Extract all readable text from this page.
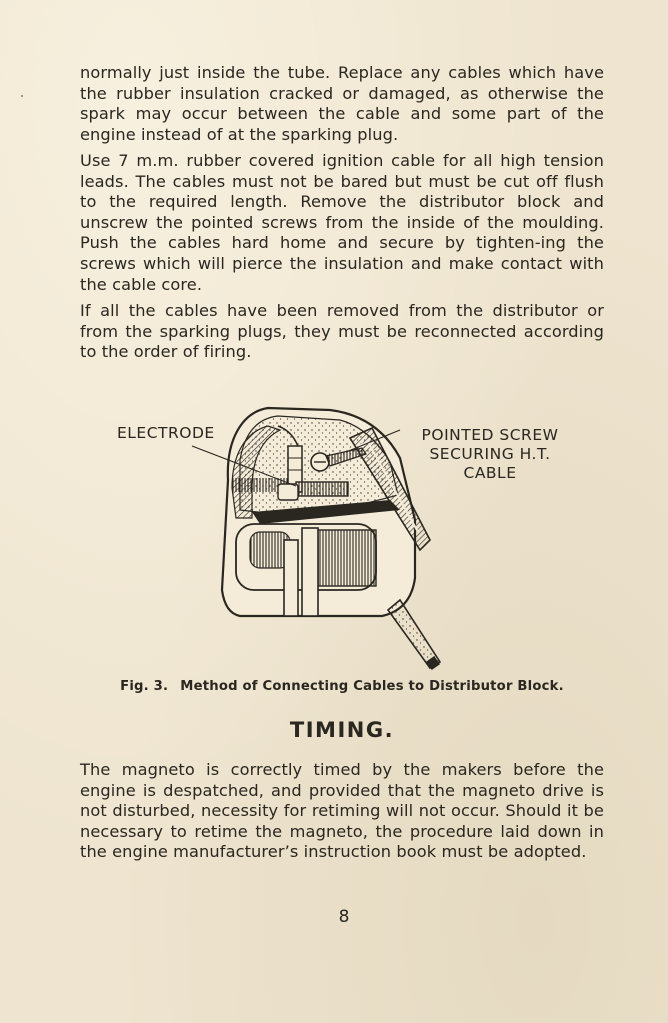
normally just inside the tube. Replace any cables which have the rubber insulation cracked or damaged, as otherwise the spark may occur between the cable and some part of the engine instead of at the sparking plug.

Use 7 m.m. rubber covered ignition cable for all high tension leads. The cables must not be bared but must be cut off flush to the required length. Remove the distributor block and unscrew the pointed screws from the inside of the moulding. Push the cables hard home and secure by tighten-ing the screws which will pierce the insulation and make contact with the cable core.

If all the cables have been removed from the distributor or from the sparking plugs, they must be reconnected according to the order of firing.

ELECTRODE	POINTED SCREW
SECURING H.T.
CABLE
Fig. 3. Method of Connecting Cables to Distributor Block.
TIMING.

The magneto is correctly timed by the makers before the engine is despatched, and provided that the magneto drive is not disturbed, necessity for retiming will not occur. Should it be necessary to retime the magneto, the procedure laid down in the engine manufacturer’s instruction book must be adopted.

8
